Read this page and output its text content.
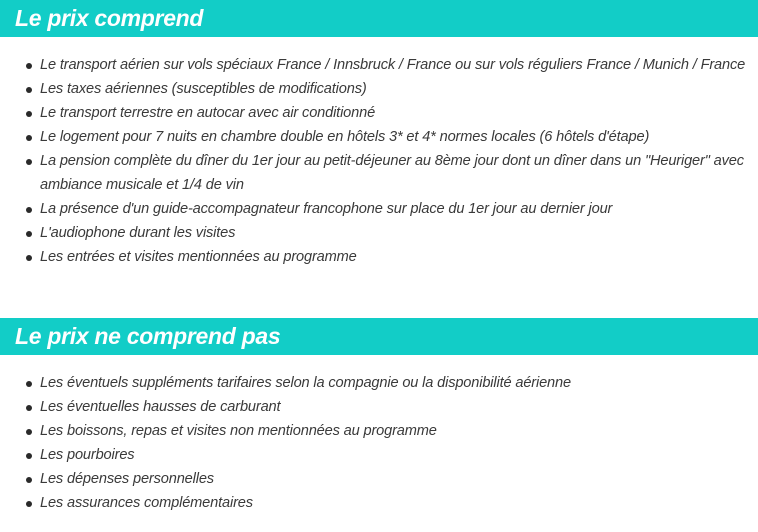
Le prix comprend
Le transport aérien sur vols spéciaux France / Innsbruck / France ou sur vols réguliers France / Munich / France
Les taxes aériennes (susceptibles de modifications)
Le transport terrestre en autocar avec air conditionné
Le logement pour 7 nuits en chambre double en hôtels 3* et 4* normes locales (6 hôtels d'étape)
La pension complète du dîner du 1er jour au petit-déjeuner au 8ème jour dont un dîner dans un "Heuriger" avec ambiance musicale et 1/4 de vin
La présence d'un guide-accompagnateur francophone sur place du 1er jour au dernier jour
L'audiophone durant les visites
Les entrées et visites mentionnées au programme
Le prix ne comprend pas
Les éventuels suppléments tarifaires selon la compagnie ou la disponibilité aérienne
Les éventuelles hausses de carburant
Les boissons, repas et visites non mentionnées au programme
Les pourboires
Les dépenses personnelles
Les assurances complémentaires
